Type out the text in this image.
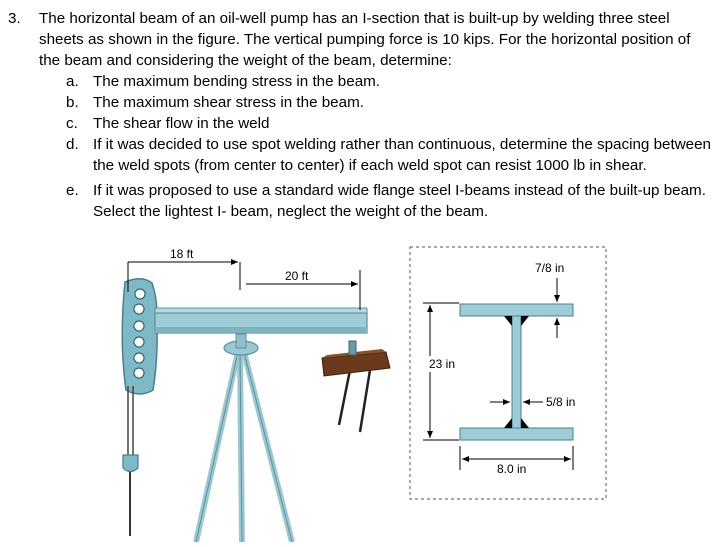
3. The horizontal beam of an oil-well pump has an I-section that is built-up by welding three steel sheets as shown in the figure. The vertical pumping force is 10 kips. For the horizontal position of the beam and considering the weight of the beam, determine:
a. The maximum bending stress in the beam.
b. The maximum shear stress in the beam.
c. The shear flow in the weld
d. If it was decided to use spot welding rather than continuous, determine the spacing between the weld spots (from center to center) if each weld spot can resist 1000 lb in shear.
e. If it was proposed to use a standard wide flange steel I-beams instead of the built-up beam. Select the lightest I- beam, neglect the weight of the beam.
18 ft
20 ft
7/8 in
23 in
5/8 in
8.0 in
